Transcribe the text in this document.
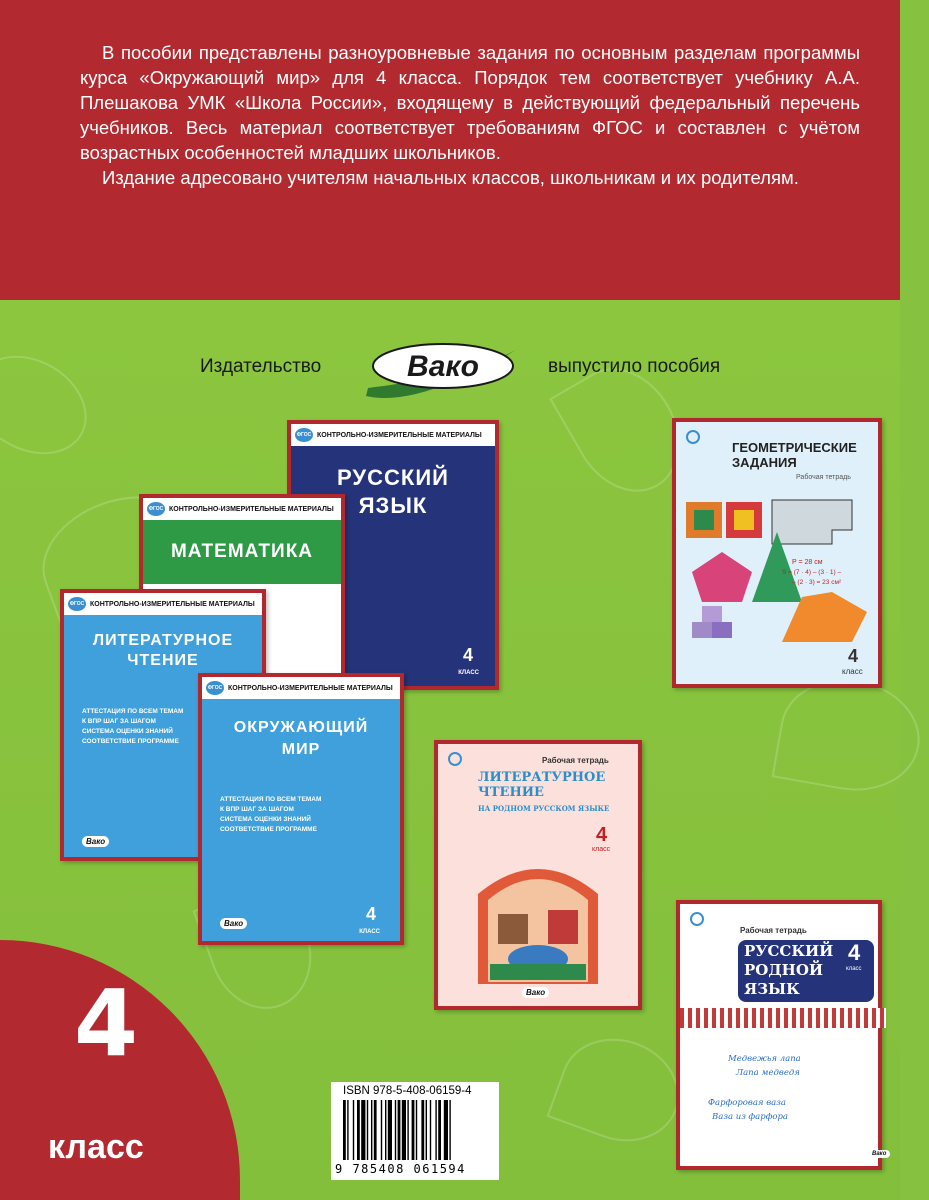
В пособии представлены разноуровневые задания по основным разделам программы курса «Окружающий мир» для 4 класса. Порядок тем соответствует учебнику А.А. Плешакова УМК «Школа России», входящему в действующий федеральный перечень учебников. Весь материал соответствует требованиям ФГОС и составлен с учётом возрастных особенностей младших школьников.

Издание адресовано учителям начальных классов, школьникам и их родителям.

Издательство	Вако	выпустило пособия
ФГОС КОНТРОЛЬНО-ИЗМЕРИТЕЛЬНЫЕ МАТЕРИАЛЫ
РУССКИЙ
ЯЗЫК
4
КЛАСС
ФГОС КОНТРОЛЬНО-ИЗМЕРИТЕЛЬНЫЕ МАТЕРИАЛЫ
МАТЕМАТИКА
ФГОС КОНТРОЛЬНО-ИЗМЕРИТЕЛЬНЫЕ МАТЕРИАЛЫ
ЛИТЕРАТУРНОЕ
ЧТЕНИЕ
АТТЕСТАЦИЯ ПО ВСЕМ ТЕМАМ
К ВПР ШАГ ЗА ШАГОМ
СИСТЕМА ОЦЕНКИ ЗНАНИЙ
СООТВЕТСТВИЕ ПРОГРАММЕ
Вако
ФГОС КОНТРОЛЬНО-ИЗМЕРИТЕЛЬНЫЕ МАТЕРИАЛЫ
ОКРУЖАЮЩИЙ
МИР
АТТЕСТАЦИЯ ПО ВСЕМ ТЕМАМ
К ВПР ШАГ ЗА ШАГОМ
СИСТЕМА ОЦЕНКИ ЗНАНИЙ
СООТВЕТСТВИЕ ПРОГРАММЕ
Вако	4
КЛАСС
ГЕОМЕТРИЧЕСКИЕ
ЗАДАНИЯ
Рабочая тетрадь
P = 28 см
S = (7 · 4) – (3 · 1) –
– (2 · 3) = 23 см²
4
класс
Рабочая тетрадь
ЛИТЕРАТУРНОЕ
ЧТЕНИЕ
НА РОДНОМ РУССКОМ ЯЗЫКЕ
4
класс
Вако
Рабочая тетрадь
РУССКИЙ
РОДНОЙ
ЯЗЫК
4
класс
Медвежья лапа
Лапа медведя
Фарфоровая ваза
Ваза из фарфора
Вако
4
класс
ISBN 978-5-408-06159-4
9 785408 061594
